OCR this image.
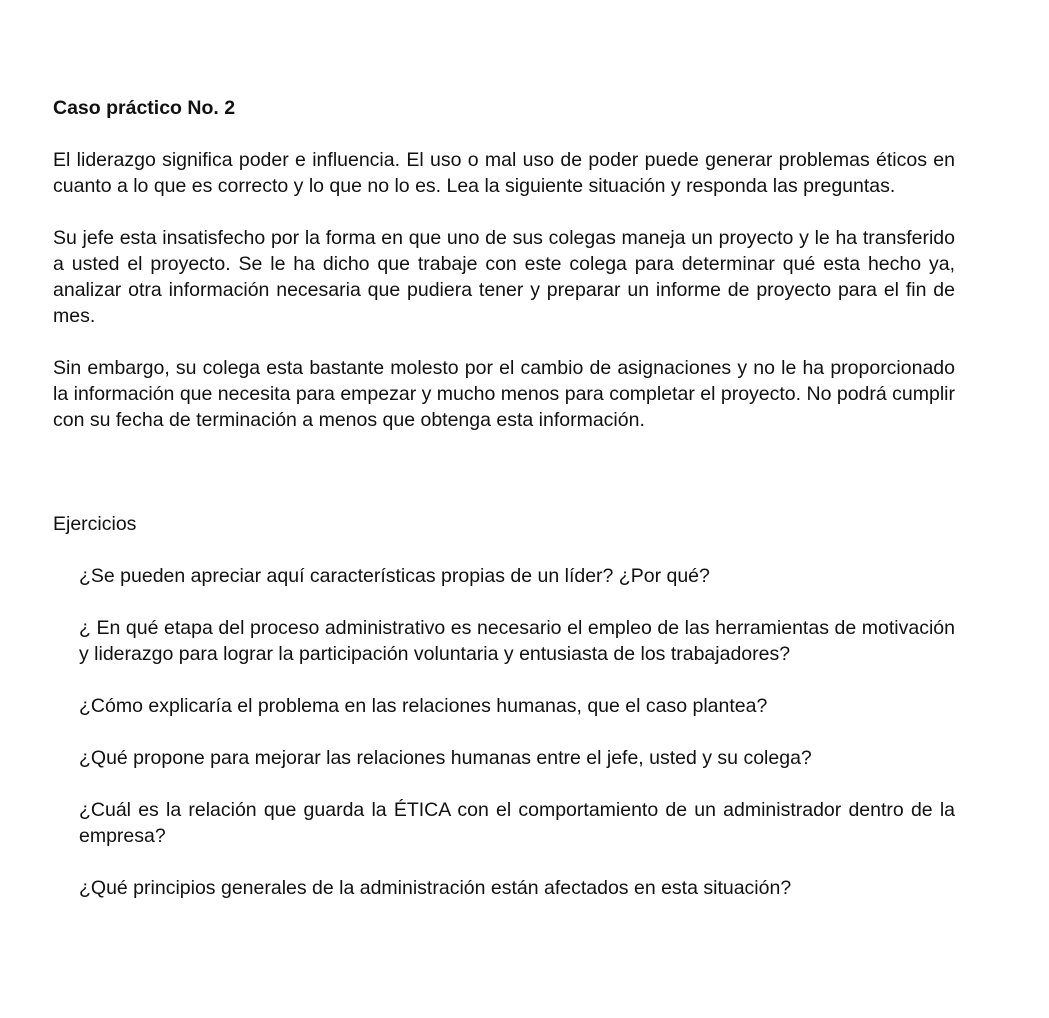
Caso práctico No. 2

El liderazgo significa poder e influencia. El uso o mal uso de poder puede generar problemas éticos en cuanto a lo que es correcto y lo que no lo es. Lea la siguiente situación y responda las preguntas.

Su jefe esta insatisfecho por la forma en que uno de sus colegas maneja un proyecto y le ha transferido a usted el proyecto. Se le ha dicho que trabaje con este colega para determinar qué esta hecho ya, analizar otra información necesaria que pudiera tener y preparar un informe de proyecto para el fin de mes.

Sin embargo, su colega esta bastante molesto por el cambio de asignaciones y no le ha proporcionado la información que necesita para empezar y mucho menos para completar el proyecto. No podrá cumplir con su fecha de terminación a menos que obtenga esta información.

Ejercicios
¿Se pueden apreciar aquí características propias de un líder? ¿Por qué?
¿ En qué etapa del proceso administrativo es necesario el empleo de las herramientas de motivación y liderazgo para lograr la participación voluntaria y entusiasta de los trabajadores?
¿Cómo explicaría el problema en las relaciones humanas, que el caso plantea?
¿Qué propone para mejorar las relaciones humanas entre el jefe, usted y su colega?
¿Cuál es la relación que guarda la ÉTICA con el comportamiento de un administrador dentro de la empresa?
¿Qué principios generales de la administración están afectados en esta situación?
